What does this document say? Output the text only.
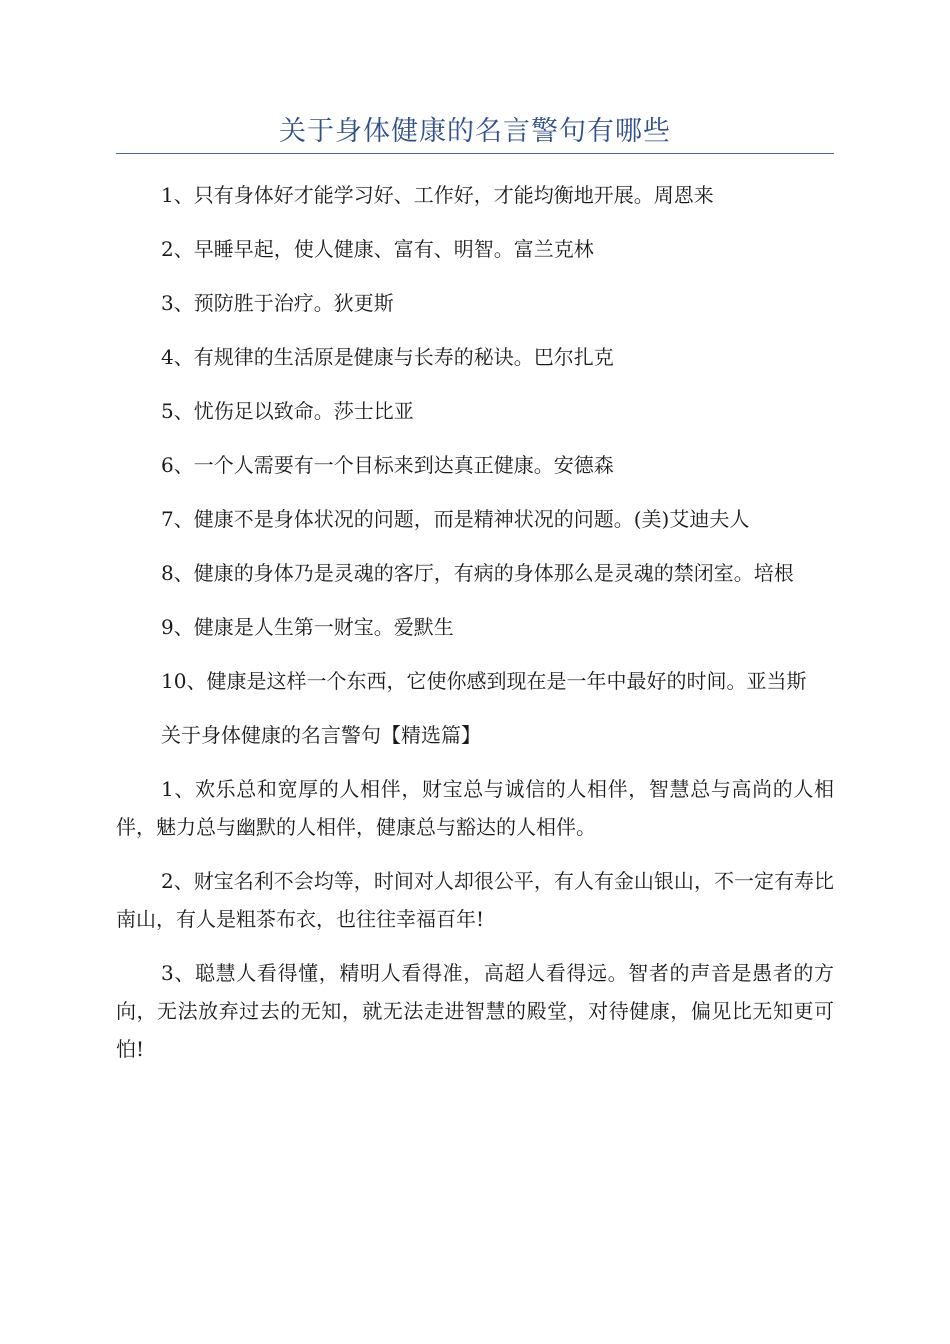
关于身体健康的名言警句有哪些

1、只有身体好才能学习好、工作好，才能均衡地开展。周恩来

2、早睡早起，使人健康、富有、明智。富兰克林

3、预防胜于治疗。狄更斯

4、有规律的生活原是健康与长寿的秘诀。巴尔扎克

5、忧伤足以致命。莎士比亚

6、一个人需要有一个目标来到达真正健康。安德森

7、健康不是身体状况的问题，而是精神状况的问题。(美)艾迪夫人

8、健康的身体乃是灵魂的客厅，有病的身体那么是灵魂的禁闭室。培根

9、健康是人生第一财宝。爱默生

10、健康是这样一个东西，它使你感到现在是一年中最好的时间。亚当斯

关于身体健康的名言警句【精选篇】

1、欢乐总和宽厚的人相伴，财宝总与诚信的人相伴，智慧总与高尚的人相伴，魅力总与幽默的人相伴，健康总与豁达的人相伴。

2、财宝名利不会均等，时间对人却很公平，有人有金山银山，不一定有寿比南山，有人是粗茶布衣，也往往幸福百年!

3、聪慧人看得懂，精明人看得准，高超人看得远。智者的声音是愚者的方向，无法放弃过去的无知，就无法走进智慧的殿堂，对待健康，偏见比无知更可怕!
